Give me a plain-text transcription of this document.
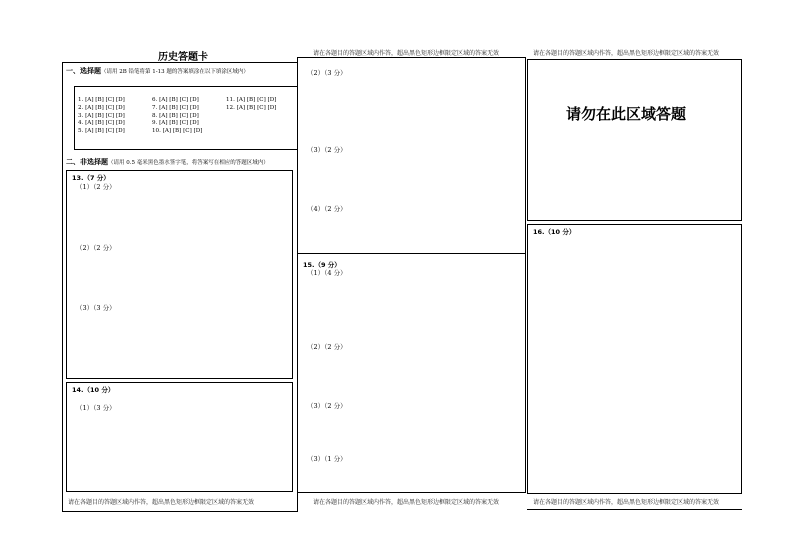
历史答题卡
一、选择题（请用 2B 铅笔将第 1-13 题的答案填涂在以下填涂区域内）
1. [A] [B] [C] [D]
2. [A] [B] [C] [D]
3. [A] [B] [C] [D]
4. [A] [B] [C] [D]
5. [A] [B] [C] [D]
6. [A] [B] [C] [D]
7. [A] [B] [C] [D]
8. [A] [B] [C] [D]
9. [A] [B] [C] [D]
10. [A] [B] [C] [D]
11. [A] [B] [C] [D]
12. [A] [B] [C] [D]
二、非选择题（请用 0.5 毫米黑色墨水签字笔，将答案写在相应的答题区域内）
13.（7 分）
（1）（2 分）
（2）（2 分）
（3）（3 分）
14.（10 分）
（1）（3 分）
请在各题目的答题区域内作答，超出黑色矩形边框限定区域的答案无效
请在各题目的答题区域内作答，超出黑色矩形边框限定区域的答案无效
（2）（3 分）
（3）（2 分）
（4）（2 分）
15.（9 分）
（1）（4 分）
（2）（2 分）
（3）（2 分）
（3）（1 分）
请在各题目的答题区域内作答，超出黑色矩形边框限定区域的答案无效
请在各题目的答题区域内作答，超出黑色矩形边框限定区域的答案无效
请勿在此区域答题
16.（10 分）
请在各题目的答题区域内作答，超出黑色矩形边框限定区域的答案无效
